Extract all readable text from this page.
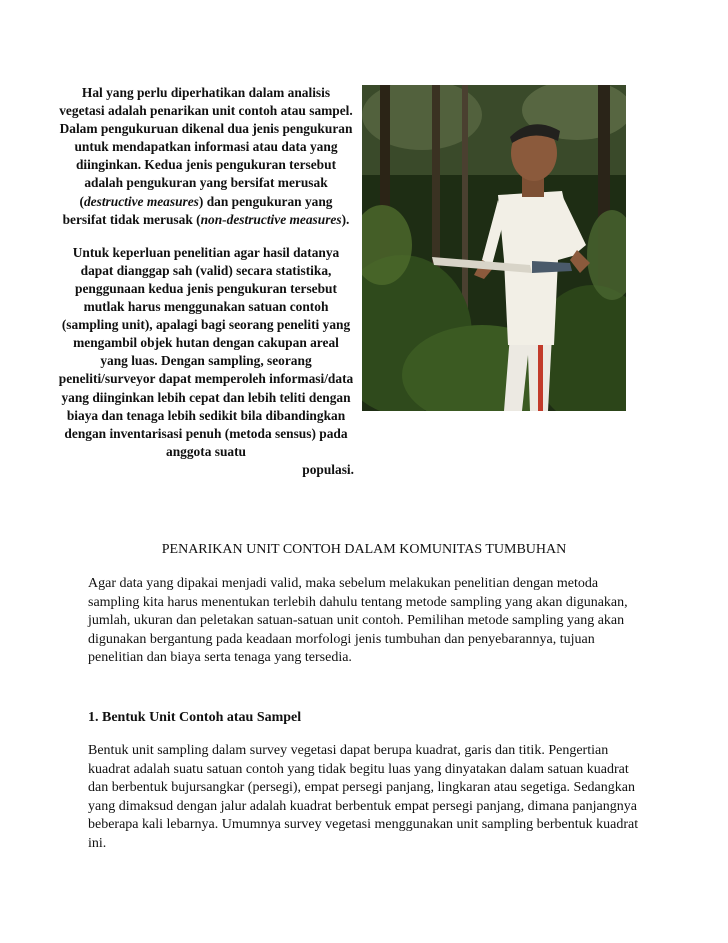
Hal yang perlu diperhatikan dalam analisis vegetasi adalah penarikan unit contoh atau sampel. Dalam pengukuruan dikenal dua jenis pengukuran untuk mendapatkan informasi atau data yang diinginkan. Kedua jenis pengukuran tersebut adalah pengukuran yang bersifat merusak (destructive measures) dan pengukuran yang bersifat tidak merusak (non-destructive measures).

Untuk keperluan penelitian agar hasil datanya dapat dianggap sah (valid) secara statistika, penggunaan kedua jenis pengukuran tersebut mutlak harus menggunakan satuan contoh (sampling unit), apalagi bagi seorang peneliti yang mengambil objek hutan dengan cakupan areal yang luas. Dengan sampling, seorang peneliti/surveyor dapat memperoleh informasi/data yang diinginkan lebih cepat dan lebih teliti dengan biaya dan tenaga lebih sedikit bila dibandingkan dengan inventarisasi penuh (metoda sensus) pada anggota suatu
populasi.

PENARIKAN UNIT CONTOH DALAM KOMUNITAS TUMBUHAN

Agar data yang dipakai menjadi valid, maka sebelum melakukan penelitian dengan metoda sampling kita harus menentukan terlebih dahulu tentang metode sampling yang akan digunakan, jumlah, ukuran dan peletakan satuan-satuan unit contoh. Pemilihan metode sampling yang akan digunakan bergantung pada keadaan morfologi jenis tumbuhan dan penyebarannya, tujuan penelitian dan biaya serta tenaga yang tersedia.

1. Bentuk Unit Contoh atau Sampel

Bentuk unit sampling dalam survey vegetasi dapat berupa kuadrat, garis dan titik. Pengertian kuadrat adalah suatu satuan contoh yang tidak begitu luas yang dinyatakan dalam satuan kuadrat dan berbentuk bujursangkar (persegi), empat persegi panjang, lingkaran atau segetiga. Sedangkan yang dimaksud dengan jalur adalah kuadrat berbentuk empat persegi panjang, dimana panjangnya beberapa kali lebarnya. Umumnya survey vegetasi menggunakan unit sampling berbentuk kuadrat ini.
